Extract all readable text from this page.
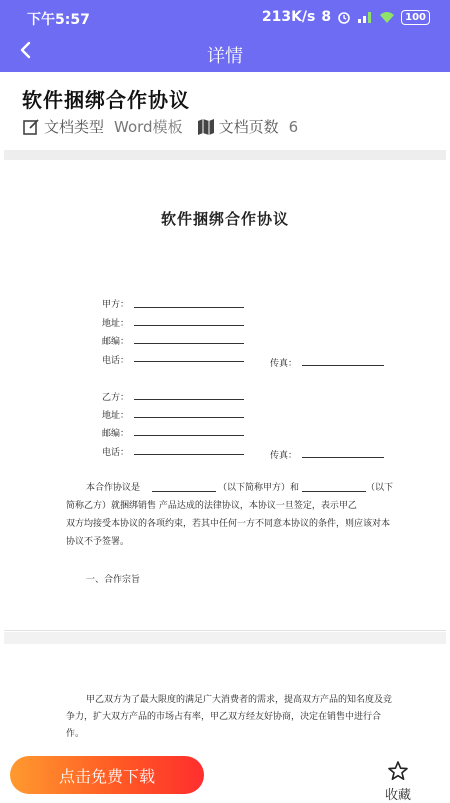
下午5:57	213K/s 8	100
详情
软件捆绑合作协议
文档类型 Word模板 文档页数 6
软件捆绑合作协议
甲方：
地址：
邮编：
电话：	传真：
乙方：
地址：
邮编：
电话：	传真：
本合作协议是	（以下简称甲方）和	（以下
简称乙方）就捆绑销售 产品达成的法律协议，本协议一旦签定，表示甲乙
双方均接受本协议的各项约束，若其中任何一方不同意本协议的条件，则应该对本
协议不予签署。
一、合作宗旨
甲乙双方为了最大限度的满足广大消费者的需求，提高双方产品的知名度及竞争力，扩大双方产品的市场占有率，甲乙双方经友好协商，决定在销售中进行合作。
点击免费下载
收藏
